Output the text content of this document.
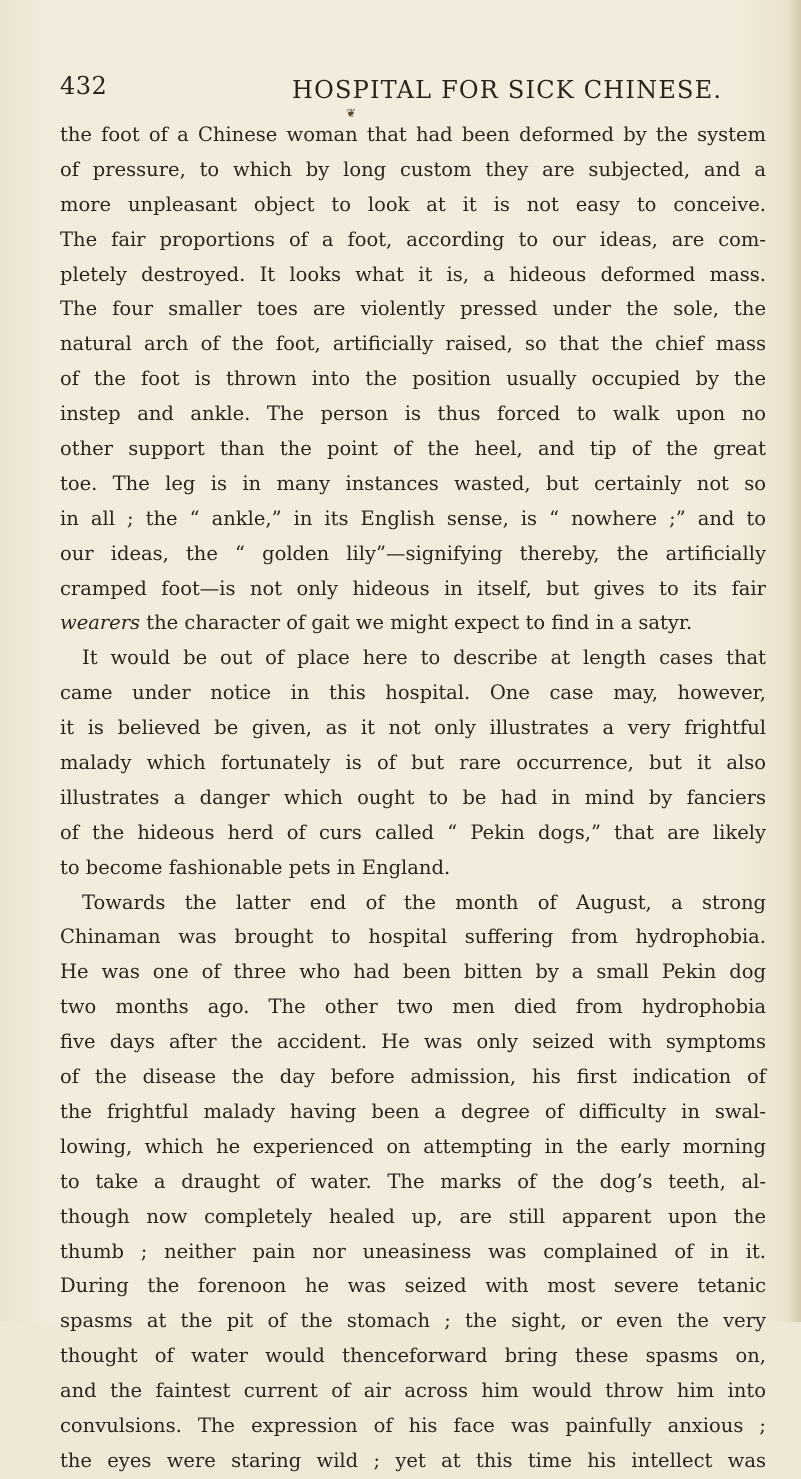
432	HOSPITAL FOR SICK CHINESE.
❦
the foot of a Chinese woman that had been deformed by the system
of pressure, to which by long custom they are subjected, and a
more unpleasant object to look at it is not easy to conceive.
The fair proportions of a foot, according to our ideas, are com-
pletely destroyed. It looks what it is, a hideous deformed mass.
The four smaller toes are violently pressed under the sole, the
natural arch of the foot, artificially raised, so that the chief mass
of the foot is thrown into the position usually occupied by the
instep and ankle. The person is thus forced to walk upon no
other support than the point of the heel, and tip of the great
toe. The leg is in many instances wasted, but certainly not so
in all ; the “ ankle,” in its English sense, is “ nowhere ;” and to
our ideas, the “ golden lily”—signifying thereby, the artificially
cramped foot—is not only hideous in itself, but gives to its fair
wearers the character of gait we might expect to find in a satyr.
It would be out of place here to describe at length cases that
came under notice in this hospital. One case may, however,
it is believed be given, as it not only illustrates a very frightful
malady which fortunately is of but rare occurrence, but it also
illustrates a danger which ought to be had in mind by fanciers
of the hideous herd of curs called “ Pekin dogs,” that are likely
to become fashionable pets in England.
Towards the latter end of the month of August, a strong
Chinaman was brought to hospital suffering from hydrophobia.
He was one of three who had been bitten by a small Pekin dog
two months ago. The other two men died from hydrophobia
five days after the accident. He was only seized with symptoms
of the disease the day before admission, his first indication of
the frightful malady having been a degree of difficulty in swal-
lowing, which he experienced on attempting in the early morning
to take a draught of water. The marks of the dog’s teeth, al-
though now completely healed up, are still apparent upon the
thumb ; neither pain nor uneasiness was complained of in it.
During the forenoon he was seized with most severe tetanic
spasms at the pit of the stomach ; the sight, or even the very
thought of water would thenceforward bring these spasms on,
and the faintest current of air across him would throw him into
convulsions. The expression of his face was painfully anxious ;
the eyes were staring wild ; yet at this time his intellect was
